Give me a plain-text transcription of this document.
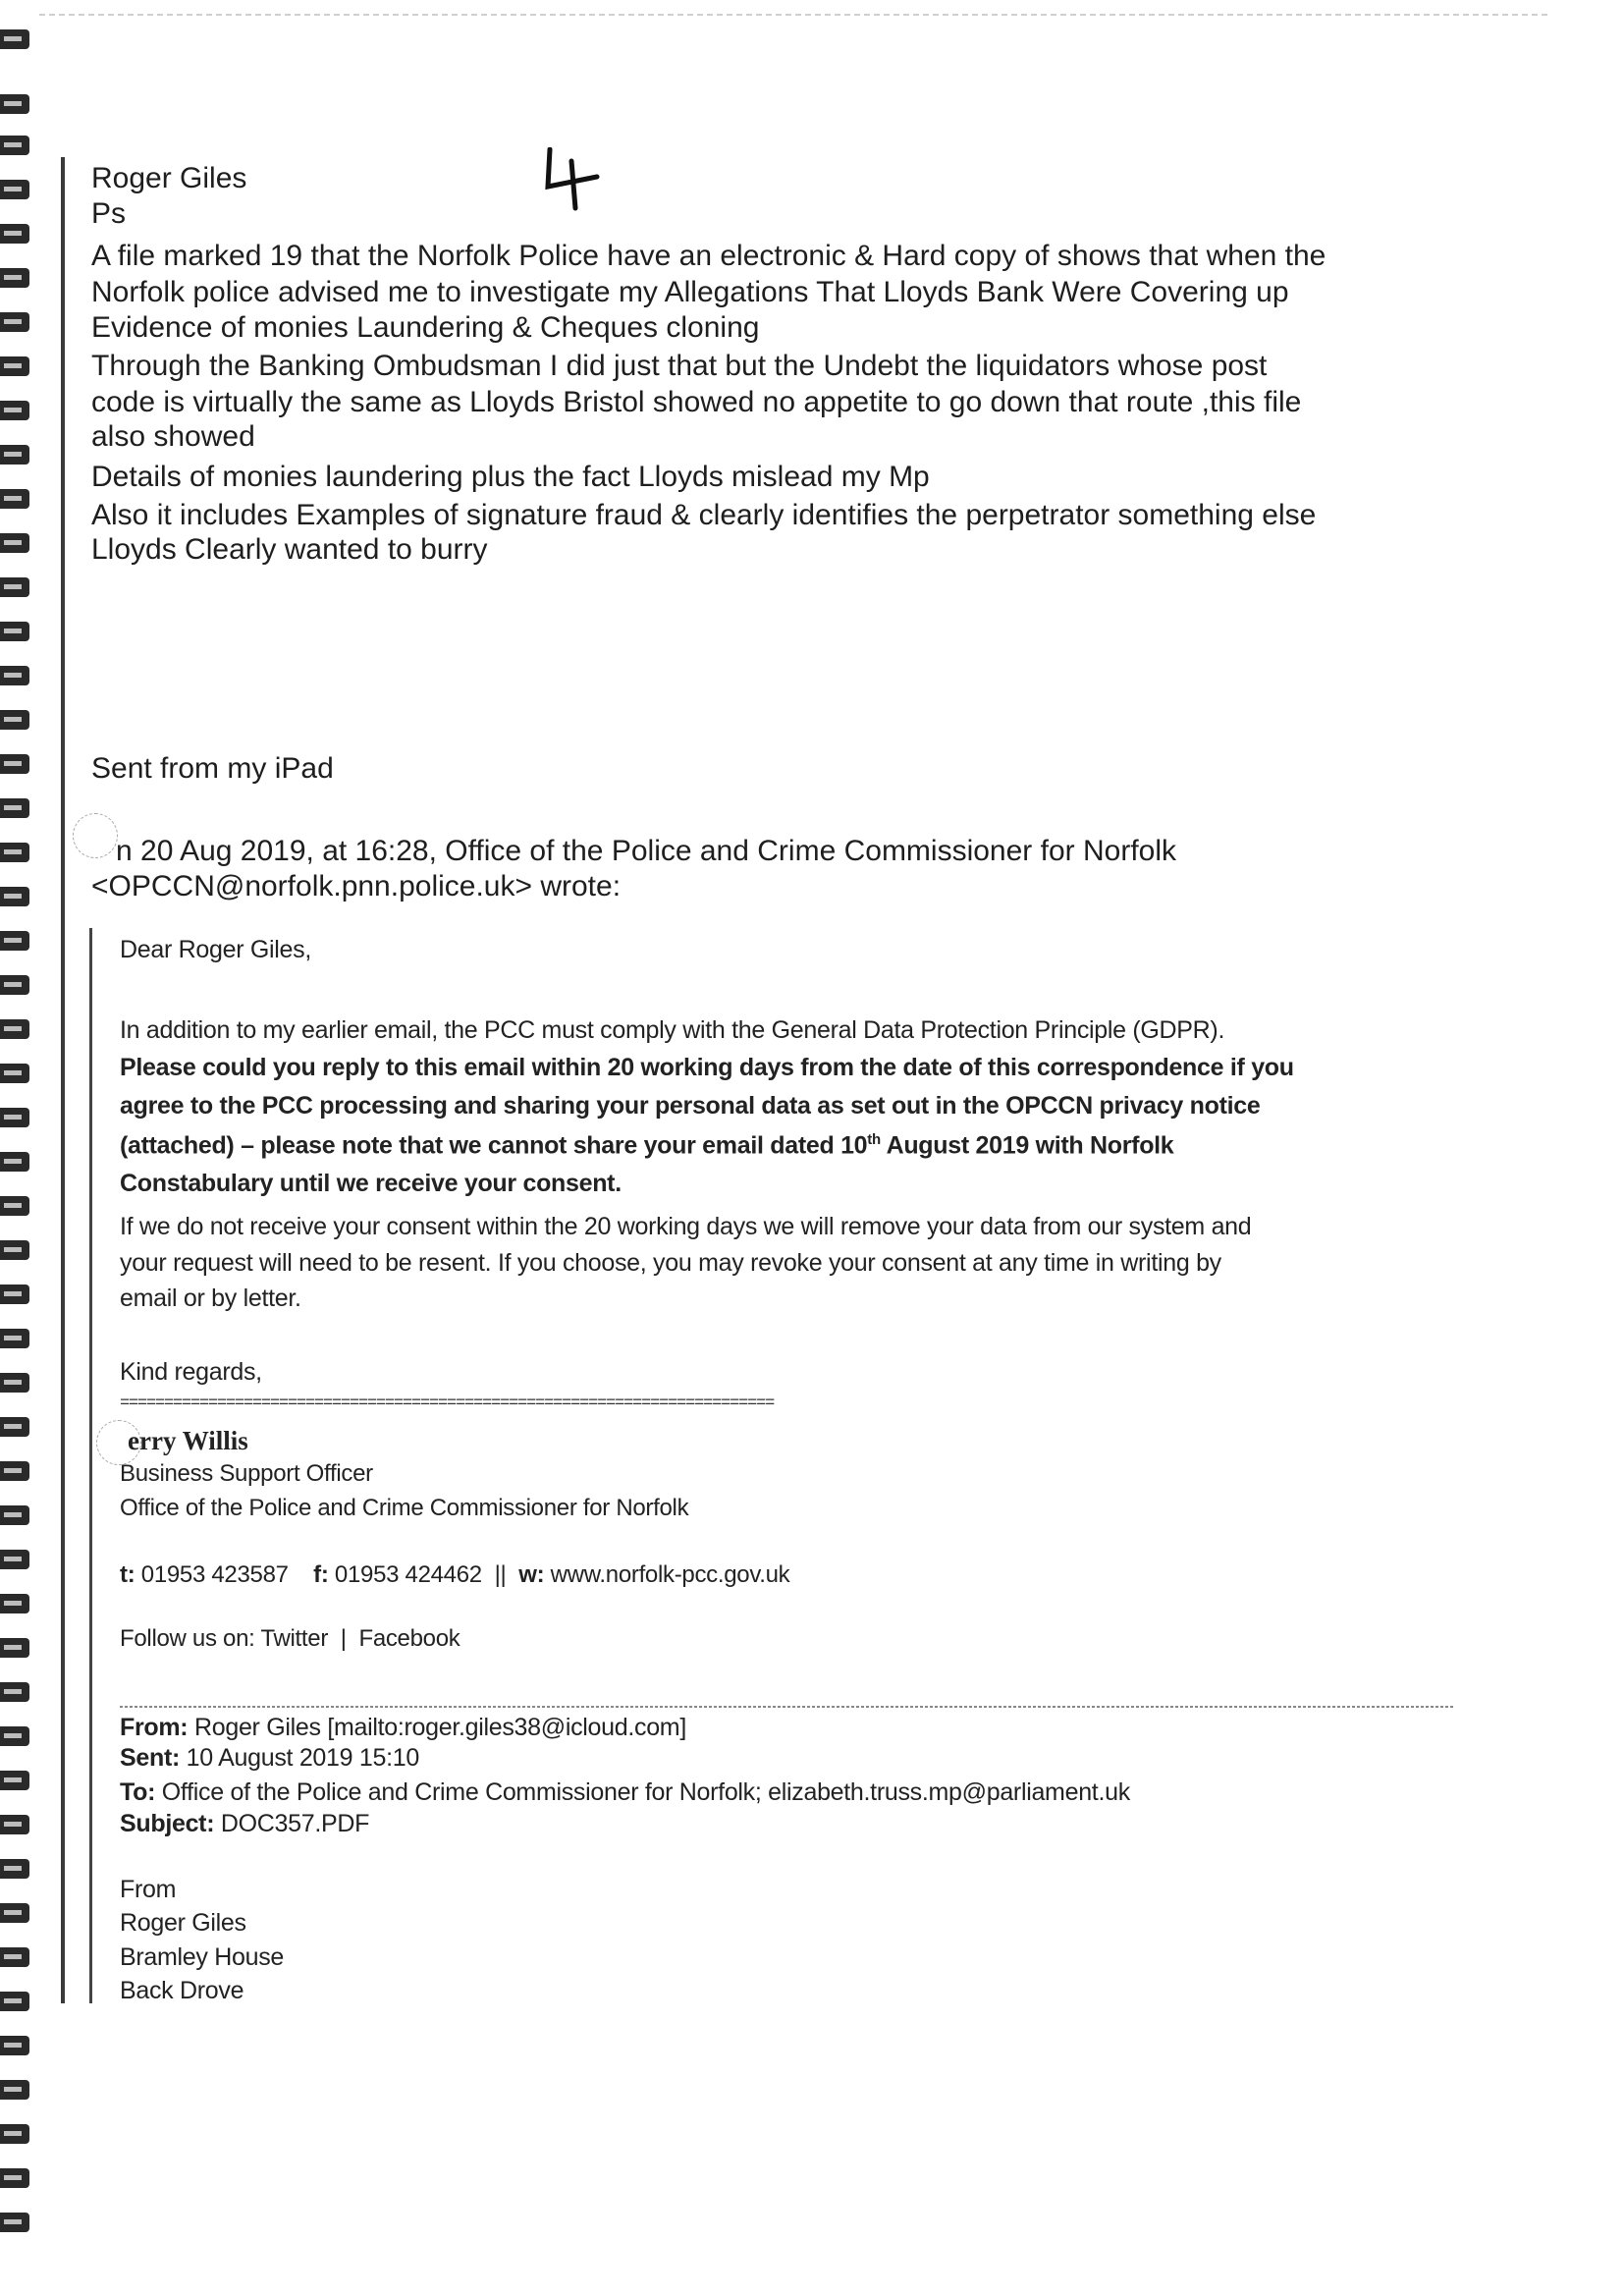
Roger Giles
Ps
A file marked 19 that the Norfolk Police have an electronic & Hard copy of shows that when the
Norfolk police advised me to investigate my Allegations That Lloyds Bank Were Covering up
Evidence of monies Laundering & Cheques cloning
Through the Banking Ombudsman I did just that but the Undebt the liquidators whose post
code is virtually the same as Lloyds Bristol showed no appetite to go down that route ,this file
also showed
Details of monies laundering plus the fact Lloyds mislead my Mp
Also it includes Examples of signature fraud & clearly identifies the perpetrator something else
Lloyds Clearly wanted to burry
Sent from my iPad
n 20 Aug 2019, at 16:28, Office of the Police and Crime Commissioner for Norfolk
<OPCCN@norfolk.pnn.police.uk> wrote:
Dear Roger Giles,
In addition to my earlier email, the PCC must comply with the General Data Protection Principle (GDPR).
Please could you reply to this email within 20 working days from the date of this correspondence if you
agree to the PCC processing and sharing your personal data as set out in the OPCCN privacy notice
(attached) – please note that we cannot share your email dated 10th August 2019 with Norfolk
Constabulary until we receive your consent.
If we do not receive your consent within the 20 working days we will remove your data from our system and
your request will need to be resent. If you choose, you may revoke your consent at any time in writing by
email or by letter.
Kind regards,
==========================================================================
erry Willis
Business Support Officer
Office of the Police and Crime Commissioner for Norfolk
t: 01953 423587 f: 01953 424462 || w: www.norfolk-pcc.gov.uk
Follow us on: Twitter | Facebook
From: Roger Giles [mailto:roger.giles38@icloud.com]
Sent: 10 August 2019 15:10
To: Office of the Police and Crime Commissioner for Norfolk; elizabeth.truss.mp@parliament.uk
Subject: DOC357.PDF
From
Roger Giles
Bramley House
Back Drove
